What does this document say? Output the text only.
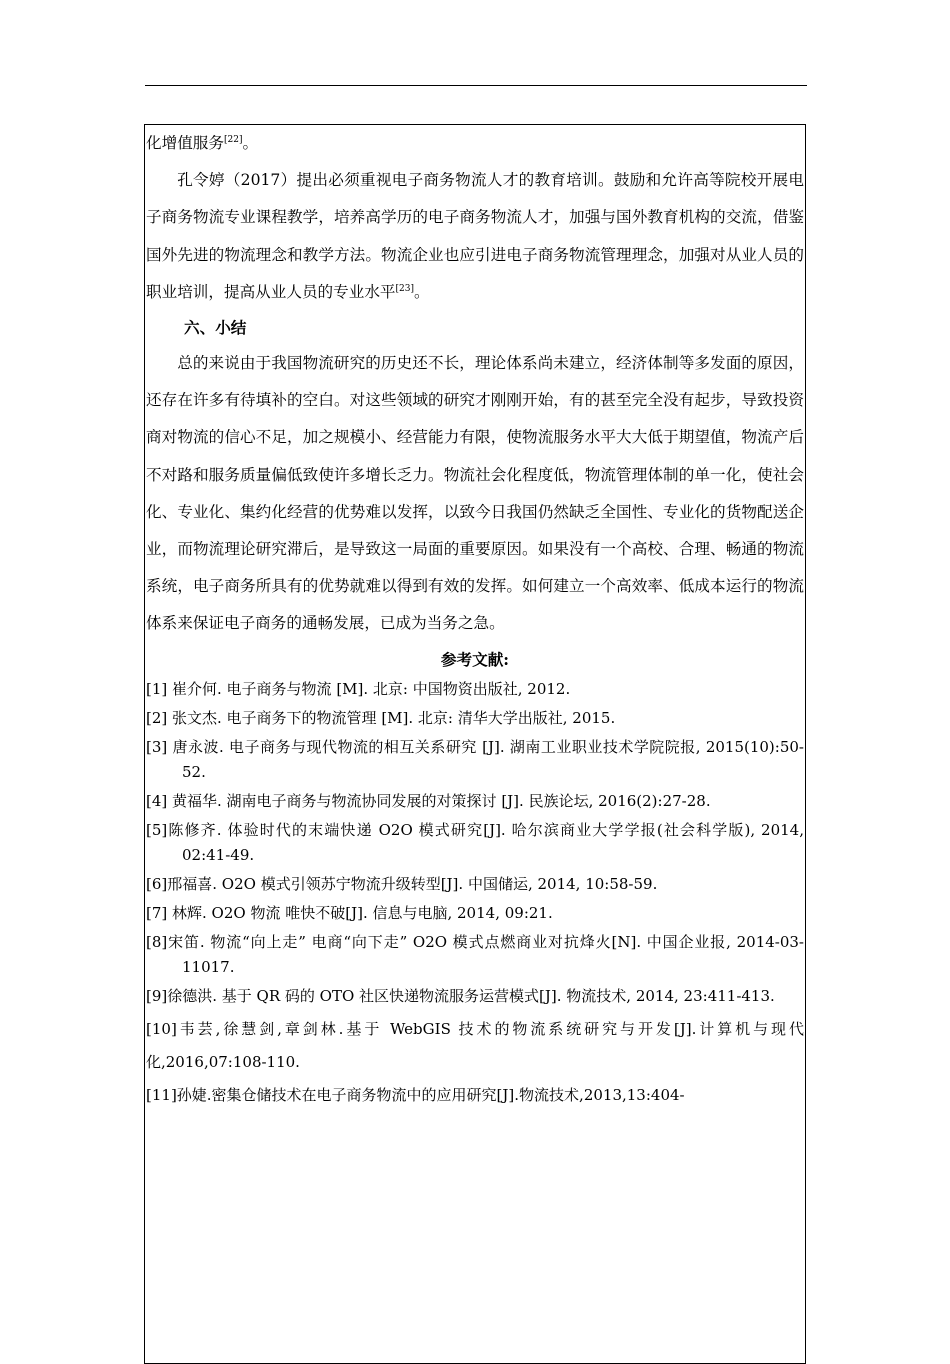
化增值服务[22]。

孔令婷（2017）提出必须重视电子商务物流人才的教育培训。鼓励和允许高等院校开展电子商务物流专业课程教学，培养高学历的电子商务物流人才，加强与国外教育机构的交流，借鉴国外先进的物流理念和教学方法。物流企业也应引进电子商务物流管理理念，加强对从业人员的职业培训，提高从业人员的专业水平[23]。

六、小结

总的来说由于我国物流研究的历史还不长，理论体系尚未建立，经济体制等多发面的原因，还存在许多有待填补的空白。对这些领域的研究才刚刚开始，有的甚至完全没有起步，导致投资商对物流的信心不足，加之规模小、经营能力有限，使物流服务水平大大低于期望值，物流产后不对路和服务质量偏低致使许多增长乏力。物流社会化程度低，物流管理体制的单一化，使社会化、专业化、集约化经营的优势难以发挥，以致今日我国仍然缺乏全国性、专业化的货物配送企业，而物流理论研究滞后，是导致这一局面的重要原因。如果没有一个高校、合理、畅通的物流系统，电子商务所具有的优势就难以得到有效的发挥。如何建立一个高效率、低成本运行的物流体系来保证电子商务的通畅发展，已成为当务之急。

参考文献:

[1] 崔介何. 电子商务与物流 [M]. 北京: 中国物资出版社, 2012.
[2] 张文杰. 电子商务下的物流管理 [M]. 北京: 清华大学出版社, 2015.
[3] 唐永波. 电子商务与现代物流的相互关系研究 [J]. 湖南工业职业技术学院院报, 2015(10):50-52.
[4] 黄福华. 湖南电子商务与物流协同发展的对策探讨 [J]. 民族论坛, 2016(2):27-28.
[5]陈修齐. 体验时代的末端快递 O2O 模式研究[J]. 哈尔滨商业大学学报(社会科学版), 2014, 02:41-49.
[6]邢福喜. O2O 模式引领苏宁物流升级转型[J]. 中国储运, 2014, 10:58-59.
[7] 林辉. O2O 物流 唯快不破[J]. 信息与电脑, 2014, 09:21.
[8]宋笛. 物流“向上走” 电商“向下走” O2O 模式点燃商业对抗烽火[N]. 中国企业报, 2014-03-11017.
[9]徐德洪. 基于 QR 码的 OTO 社区快递物流服务运营模式[J]. 物流技术, 2014, 23:411-413.
[10]韦芸,徐慧剑,章剑林.基于 WebGIS 技术的物流系统研究与开发[J].计算机与现代化,2016,07:108-110.
[11]孙婕.密集仓储技术在电子商务物流中的应用研究[J].物流技术,2013,13:404-
